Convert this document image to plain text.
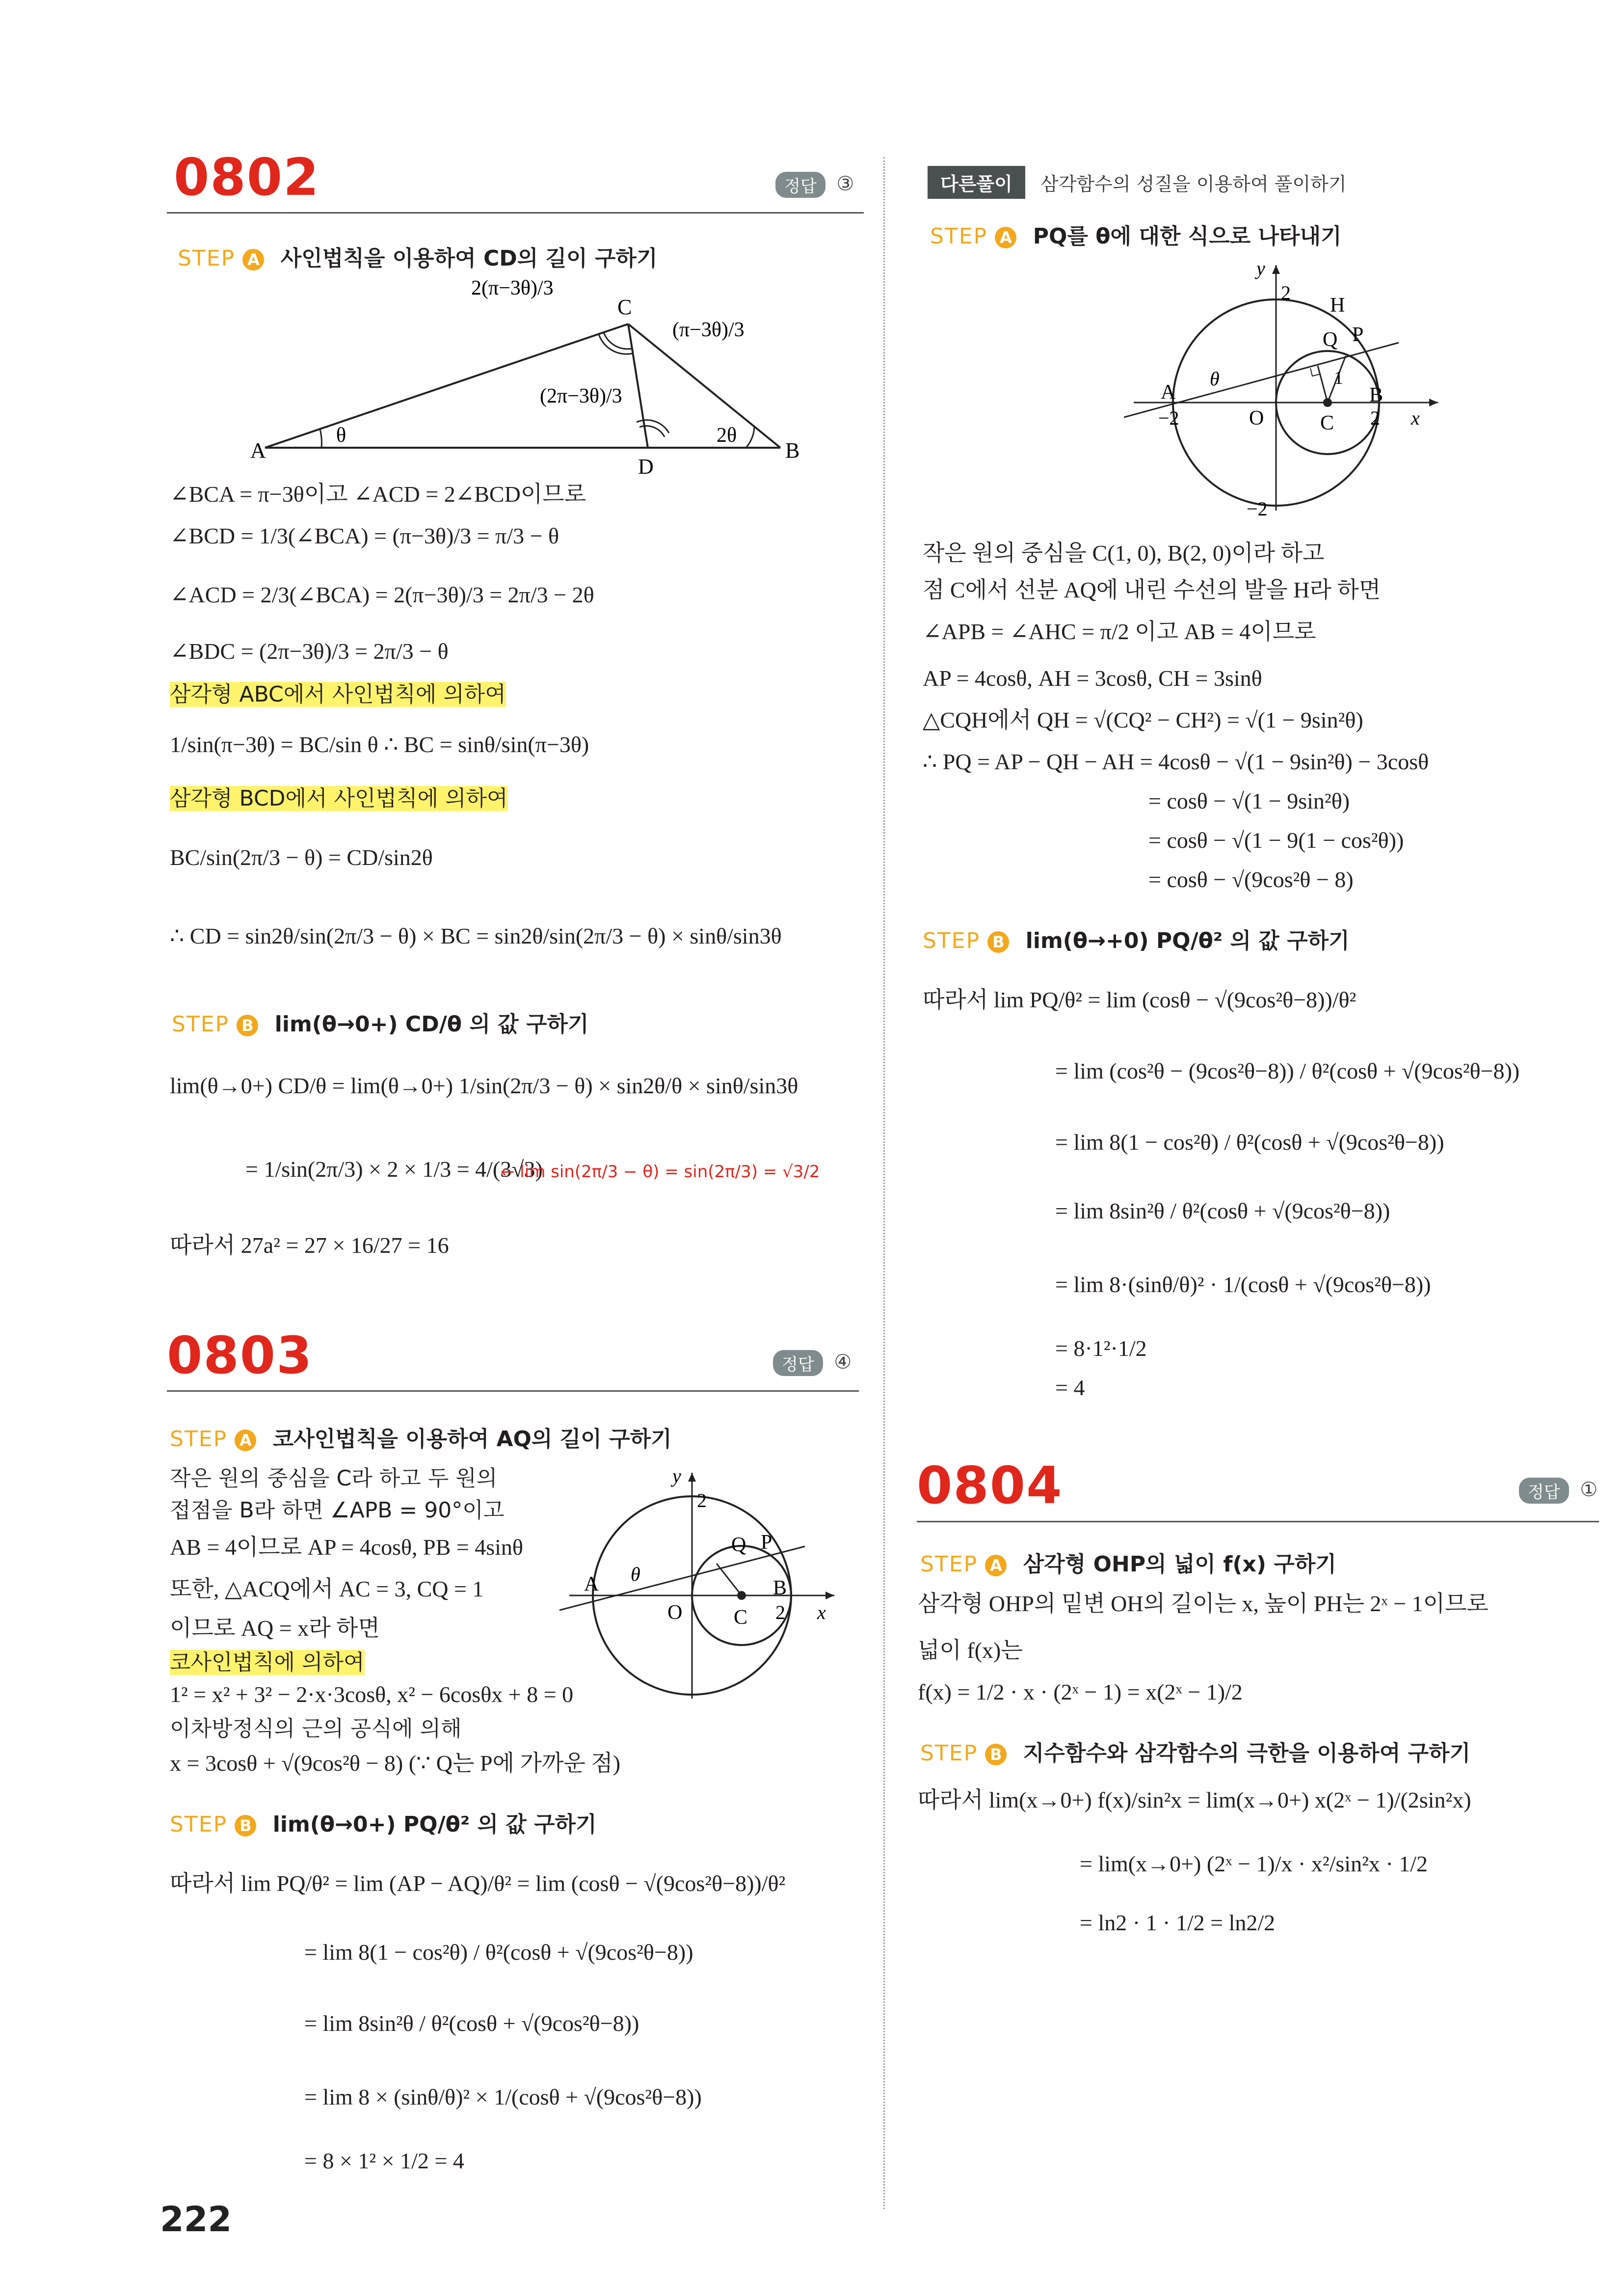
0802	정답 ③
STEP A 사인법칙을 이용하여 CD의 길이 구하기
A	B
C
D
2(π−3θ)/3
(π−3θ)/3
(2π−3θ)/3
θ	2θ
∠BCA = π−3θ이고 ∠ACD = 2∠BCD이므로
∠BCD = 1/3(∠BCA) = (π−3θ)/3 = π/3 − θ
∠ACD = 2/3(∠BCA) = 2(π−3θ)/3 = 2π/3 − 2θ
∠BDC = (2π−3θ)/3 = 2π/3 − θ
삼각형 ABC에서 사인법칙에 의하여
1/sin(π−3θ) = BC/sin θ ∴ BC = sinθ/sin(π−3θ)
삼각형 BCD에서 사인법칙에 의하여
BC/sin(2π/3 − θ) = CD/sin2θ
∴ CD = sin2θ/sin(2π/3 − θ) × BC = sin2θ/sin(2π/3 − θ) × sinθ/sin3θ
STEP B lim(θ→0+) CD/θ 의 값 구하기
lim(θ→0+) CD/θ = lim(θ→0+) 1/sin(2π/3 − θ) × sin2θ/θ × sinθ/sin3θ
= 1/sin(2π/3) × 2 × 1/3 = 4/(3√3)
← lim sin(2π/3 − θ) = sin(2π/3) = √3/2
따라서 27a² = 27 × 16/27 = 16
0803	정답 ④
STEP A 코사인법칙을 이용하여 AQ의 길이 구하기
작은 원의 중심을 C라 하고 두 원의
접점을 B라 하면 ∠APB = 90°이고
AB = 4이므로 AP = 4cosθ, PB = 4sinθ
또한, △ACQ에서 AC = 3, CQ = 1
이므로 AQ = x라 하면
코사인법칙에 의하여
1² = x² + 3² − 2·x·3cosθ, x² − 6cosθx + 8 = 0
이차방정식의 근의 공식에 의해
x = 3cosθ + √(9cos²θ − 8) (∵ Q는 P에 가까운 점)
y
2
A θ
Q P
O C
B
2 x
STEP B lim(θ→0+) PQ/θ² 의 값 구하기
따라서 lim PQ/θ² = lim (AP − AQ)/θ² = lim (cosθ − √(9cos²θ−8))/θ²
= lim 8(1 − cos²θ) / θ²(cosθ + √(9cos²θ−8))
= lim 8sin²θ / θ²(cosθ + √(9cos²θ−8))
= lim 8 × (sinθ/θ)² × 1/(cosθ + √(9cos²θ−8))
= 8 × 1² × 1/2 = 4
다른풀이	삼각함수의 성질을 이용하여 풀이하기
STEP A PQ를 θ에 대한 식으로 나타내기
y
2
H
Q P
1
A
θ
−2	O	C
B
2 x
−2
작은 원의 중심을 C(1, 0), B(2, 0)이라 하고
점 C에서 선분 AQ에 내린 수선의 발을 H라 하면
∠APB = ∠AHC = π/2 이고 AB = 4이므로
AP = 4cosθ, AH = 3cosθ, CH = 3sinθ
△CQH에서 QH = √(CQ² − CH²) = √(1 − 9sin²θ)
∴ PQ = AP − QH − AH = 4cosθ − √(1 − 9sin²θ) − 3cosθ
= cosθ − √(1 − 9sin²θ)
= cosθ − √(1 − 9(1 − cos²θ))
= cosθ − √(9cos²θ − 8)
STEP B lim(θ→+0) PQ/θ² 의 값 구하기
따라서 lim PQ/θ² = lim (cosθ − √(9cos²θ−8))/θ²
= lim (cos²θ − (9cos²θ−8)) / θ²(cosθ + √(9cos²θ−8))
= lim 8(1 − cos²θ) / θ²(cosθ + √(9cos²θ−8))
= lim 8sin²θ / θ²(cosθ + √(9cos²θ−8))
= lim 8·(sinθ/θ)² · 1/(cosθ + √(9cos²θ−8))
= 8·1²·1/2
= 4
0804	정답 ①
STEP A 삼각형 OHP의 넓이 f(x) 구하기
삼각형 OHP의 밑변 OH의 길이는 x, 높이 PH는 2ˣ − 1이므로
넓이 f(x)는
f(x) = 1/2 · x · (2ˣ − 1) = x(2ˣ − 1)/2
STEP B 지수함수와 삼각함수의 극한을 이용하여 구하기
따라서 lim(x→0+) f(x)/sin²x = lim(x→0+) x(2ˣ − 1)/(2sin²x)
= lim(x→0+) (2ˣ − 1)/x · x²/sin²x · 1/2
= ln2 · 1 · 1/2 = ln2/2
222
